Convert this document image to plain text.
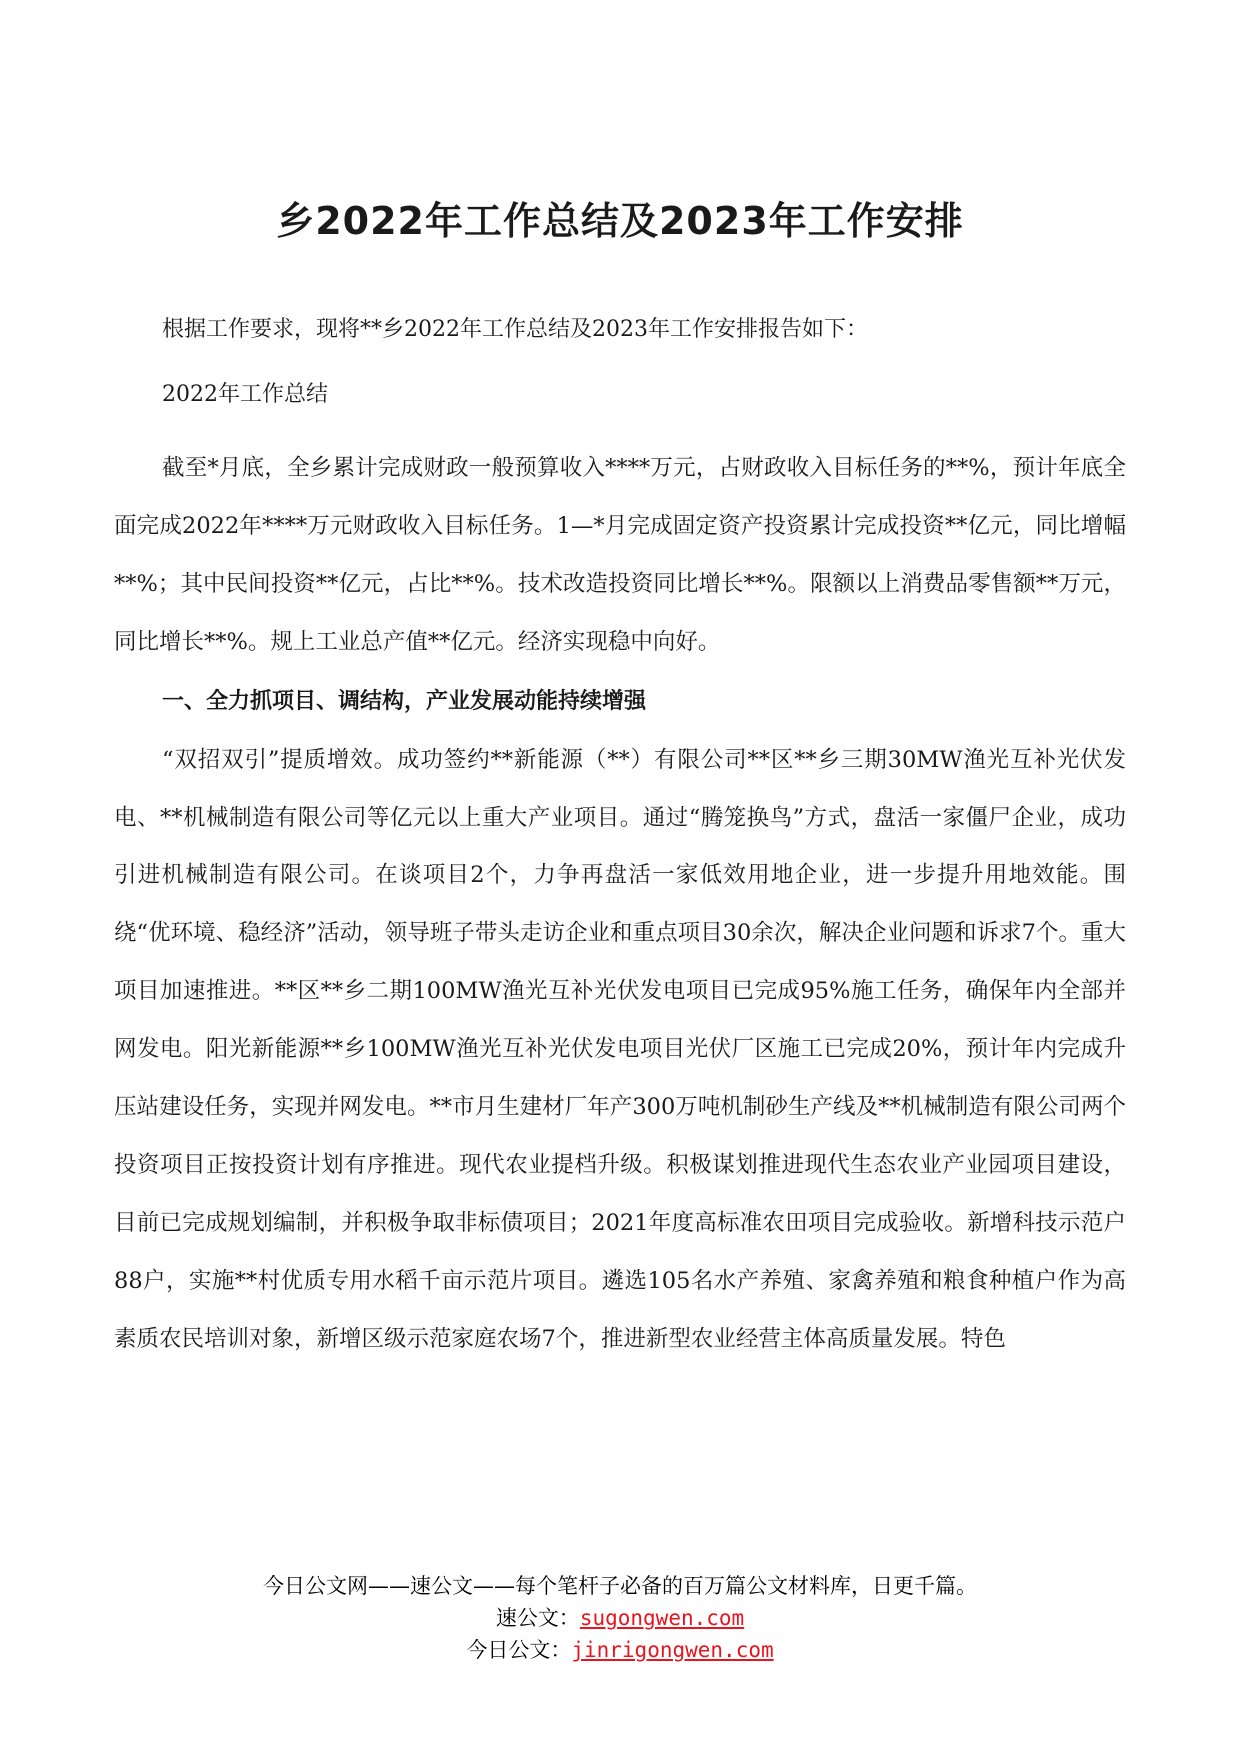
乡2022年工作总结及2023年工作安排

根据工作要求，现将**乡2022年工作总结及2023年工作安排报告如下：

2022年工作总结

截至*月底，全乡累计完成财政一般预算收入****万元，占财政收入目标任务的**%，预计年底全面完成2022年****万元财政收入目标任务。1—*月完成固定资产投资累计完成投资**亿元，同比增幅**%；其中民间投资**亿元，占比**%。技术改造投资同比增长**%。限额以上消费品零售额**万元，同比增长**%。规上工业总产值**亿元。经济实现稳中向好。

一、全力抓项目、调结构，产业发展动能持续增强

“双招双引”提质增效。成功签约**新能源（**）有限公司**区**乡三期30MW渔光互补光伏发电、**机械制造有限公司等亿元以上重大产业项目。通过“腾笼换鸟”方式，盘活一家僵尸企业，成功引进机械制造有限公司。在谈项目2个，力争再盘活一家低效用地企业，进一步提升用地效能。围绕“优环境、稳经济”活动，领导班子带头走访企业和重点项目30余次，解决企业问题和诉求7个。重大项目加速推进。**区**乡二期100MW渔光互补光伏发电项目已完成95%施工任务，确保年内全部并网发电。阳光新能源**乡100MW渔光互补光伏发电项目光伏厂区施工已完成20%，预计年内完成升压站建设任务，实现并网发电。**市月生建材厂年产300万吨机制砂生产线及**机械制造有限公司两个投资项目正按投资计划有序推进。现代农业提档升级。积极谋划推进现代生态农业产业园项目建设，目前已完成规划编制，并积极争取非标债项目；2021年度高标准农田项目完成验收。新增科技示范户88户，实施**村优质专用水稻千亩示范片项目。遴选105名水产养殖、家禽养殖和粮食种植户作为高素质农民培训对象，新增区级示范家庭农场7个，推进新型农业经营主体高质量发展。特色

今日公文网——速公文——每个笔杆子必备的百万篇公文材料库，日更千篇。
速公文：sugongwen.com
今日公文：jinrigongwen.com
